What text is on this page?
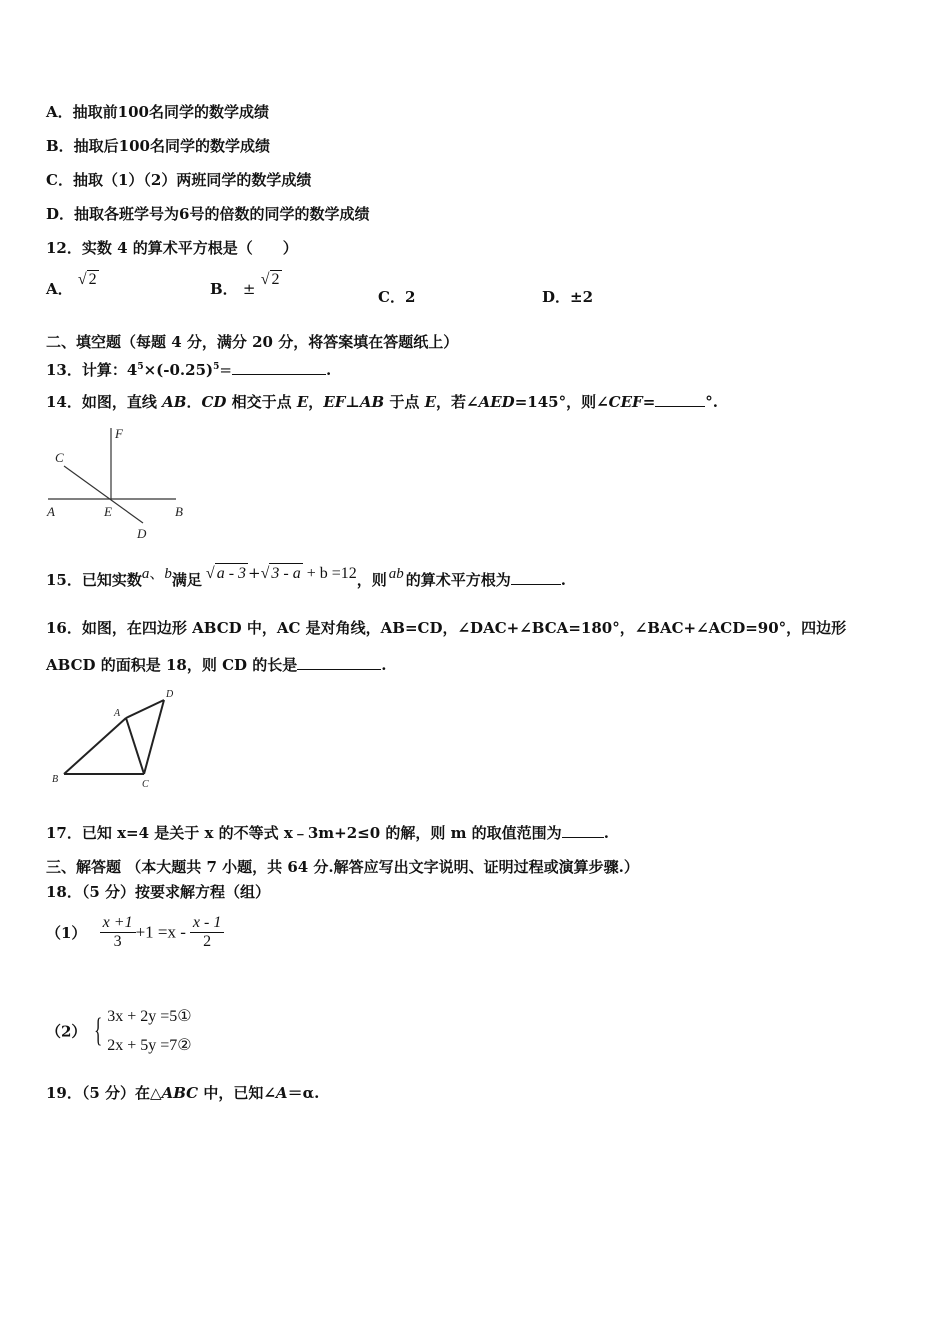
A．抽取前100名同学的数学成绩
B．抽取后100名同学的数学成绩
C．抽取（1）（2）两班同学的数学成绩
D．抽取各班学号为6号的倍数的同学的数学成绩
12．实数 4 的算术平方根是（　　）
A． √ 2
B． ± √ 2
C．2	D．±2
二、填空题（每题 4 分，满分 20 分，将答案填在答题纸上）
13．计算：$4^5\times(-0.25)^5=$	.
14．如图，直线 AB．CD 相交于点 E，EF⊥AB 于点 E，若∠AED=145°，则∠CEF=	°.
F
C
A	E	B
D
15．已知实数a、b满足 √ a - 3 +√ 3 - a + b =12，则 ab 的算术平方根为	.
16．如图，在四边形 ABCD 中，AC 是对角线，AB=CD，∠DAC+∠BCA=180°，∠BAC+∠ACD=90°，四边形
ABCD 的面积是 18，则 CD 的长是	.
A
B	C
D
17．已知 x=4 是关于 x 的不等式 x﹣3m+2≤0 的解，则 m 的取值范围为	.
三、解答题 （本大题共 7 小题，共 64 分.解答应写出文字说明、证明过程或演算步骤.）
18．（5 分）按要求解方程（组）
$(1) \frac{x +1}{3} +1 =x - \frac{x - 1}{2}$
（2） { 3x + 2y =5①
2x + 5y =7②
19．（5 分）在△ABC 中，已知∠A＝α.
